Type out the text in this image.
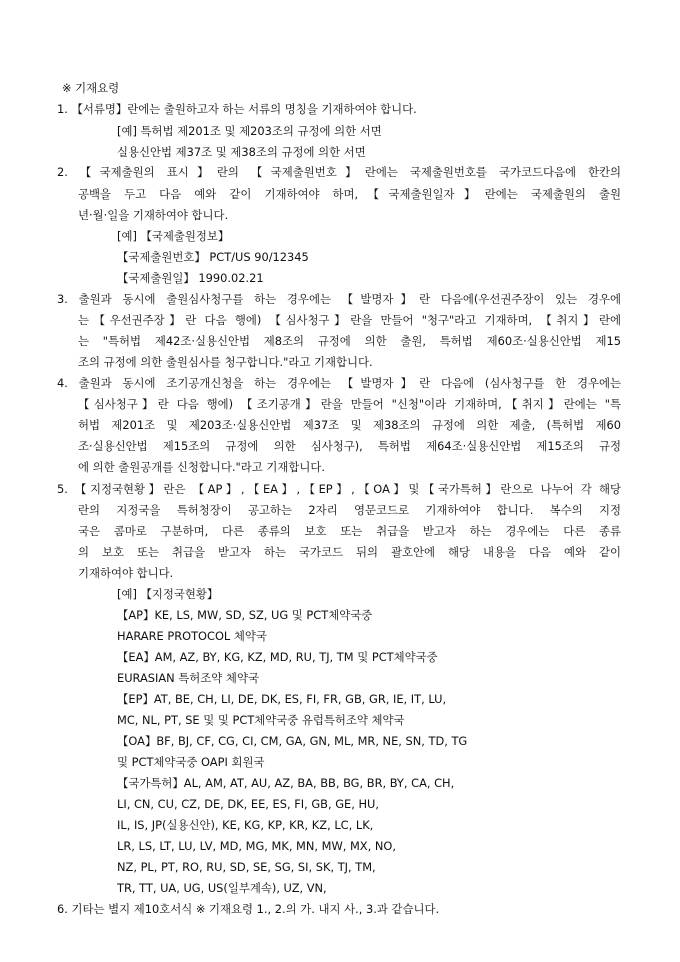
※ 기재요령
1. 【서류명】란에는 출원하고자 하는 서류의 명칭을 기재하여야 합니다.
[예] 특허법 제201조 및 제203조의 규정에 의한 서면
실용신안법 제37조 및 제38조의 규정에 의한 서면
2. 【국제출원의 표시】란의 【국제출원번호】란에는 국제출원번호를 국가코드다음에 한칸의
공백을 두고 다음 예와 같이 기재하여야 하며,【국제출원일자】란에는 국제출원의 출원
년·월·일을 기재하여야 합니다.
[예] 【국제출원정보】
【국제출원번호】 PCT/US 90/12345
【국제출원일】 1990.02.21
3. 출원과 동시에 출원심사청구를 하는 경우에는 【발명자】란 다음에(우선권주장이 있는 경우에
는【우선권주장】란 다음 행에) 【심사청구】란을 만들어 "청구"라고 기재하며, 【취지】란에
는 "특허법 제42조·실용신안법 제8조의 규정에 의한 출원, 특허법 제60조·실용신안법 제15
조의 규정에 의한 출원심사를 청구합니다."라고 기재합니다.
4. 출원과 동시에 조기공개신청을 하는 경우에는 【발명자】란 다음에 (심사청구를 한 경우에는
【심사청구】란 다음 행에) 【조기공개】란을 만들어 "신청"이라 기재하며,【취지】란에는 "특
허법 제201조 및 제203조·실용신안법 제37조 및 제38조의 규정에 의한 제출, (특허법 제60
조·실용신안법 제15조의 규정에 의한 심사청구), 특허법 제64조·실용신안법 제15조의 규정
에 의한 출원공개를 신청합니다."라고 기재합니다.
5. 【지정국현황】란은 【AP】,【EA】,【EP】,【OA】및【국가특허】란으로 나누어 각 해당
란의 지정국을 특허청장이 공고하는 2자리 영문코드로 기재하여야 합니다. 복수의 지정
국은 콤마로 구분하며, 다른 종류의 보호 또는 취급을 받고자 하는 경우에는 다른 종류
의 보호 또는 취급을 받고자 하는 국가코드 뒤의 괄호안에 해당 내용을 다음 예와 같이
기재하여야 합니다.
[예] 【지정국현황】
【AP】KE, LS, MW, SD, SZ, UG 및 PCT체약국중
HARARE PROTOCOL 체약국
【EA】AM, AZ, BY, KG, KZ, MD, RU, TJ, TM 및 PCT체약국중
EURASIAN 특허조약 체약국
【EP】AT, BE, CH, LI, DE, DK, ES, FI, FR, GB, GR, IE, IT, LU,
MC, NL, PT, SE 및 및 PCT체약국중 유럽특허조약 체약국
【OA】BF, BJ, CF, CG, CI, CM, GA, GN, ML, MR, NE, SN, TD, TG
및 PCT체약국중 OAPI 회원국
【국가특허】AL, AM, AT, AU, AZ, BA, BB, BG, BR, BY, CA, CH,
LI, CN, CU, CZ, DE, DK, EE, ES, FI, GB, GE, HU,
IL, IS, JP(실용신안), KE, KG, KP, KR, KZ, LC, LK,
LR, LS, LT, LU, LV, MD, MG, MK, MN, MW, MX, NO,
NZ, PL, PT, RO, RU, SD, SE, SG, SI, SK, TJ, TM,
TR, TT, UA, UG, US(일부계속), UZ, VN,
6. 기타는 별지 제10호서식 ※ 기재요령 1., 2.의 가. 내지 사., 3.과 같습니다.
